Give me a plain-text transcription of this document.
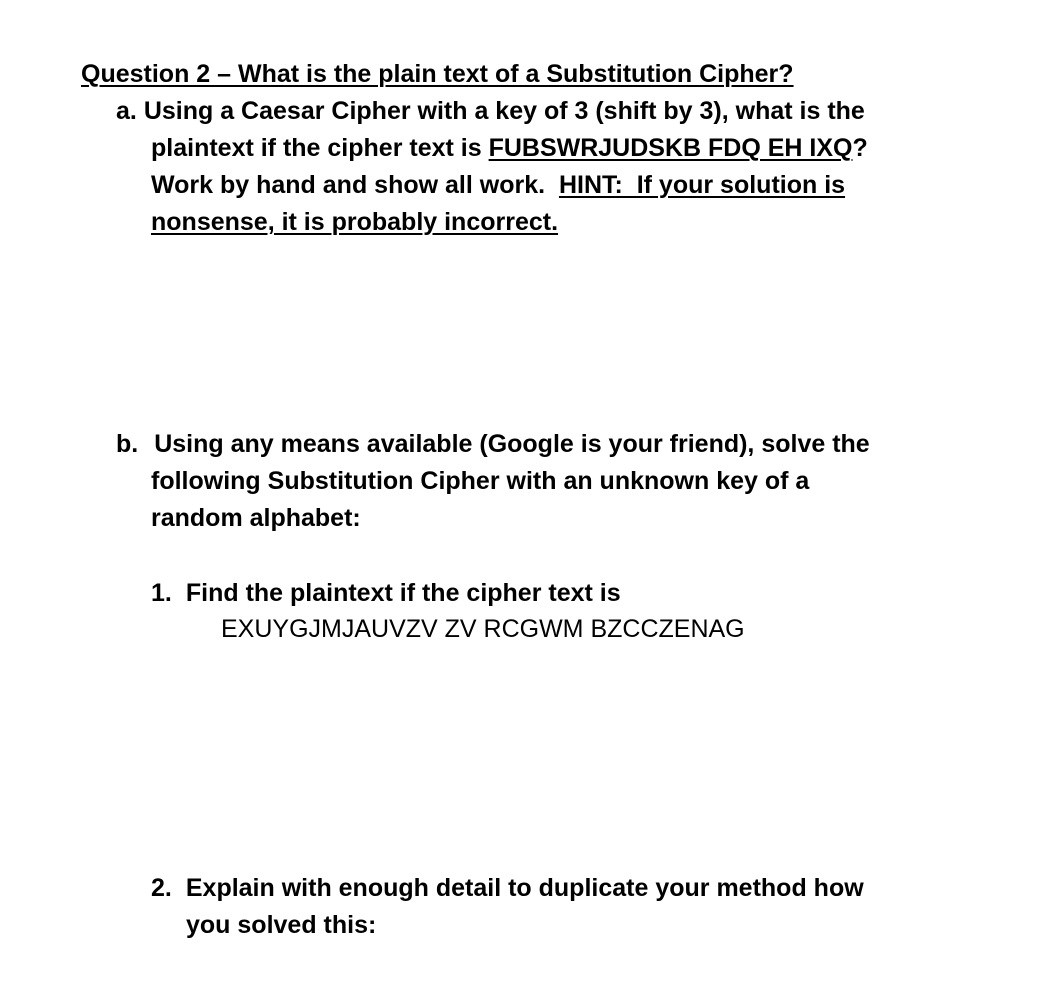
Question 2 – What is the plain text of a Substitution Cipher?
a. Using a Caesar Cipher with a key of 3 (shift by 3), what is the
plaintext if the cipher text is FUBSWRJUDSKB FDQ EH IXQ?
Work by hand and show all work.  HINT:  If your solution is
nonsense, it is probably incorrect.
b. Using any means available (Google is your friend), solve the
following Substitution Cipher with an unknown key of a
random alphabet:
1. Find the plaintext if the cipher text is
EXUYGJMJAUVZV ZV RCGWM BZCCZENAG
2. Explain with enough detail to duplicate your method how
you solved this:
